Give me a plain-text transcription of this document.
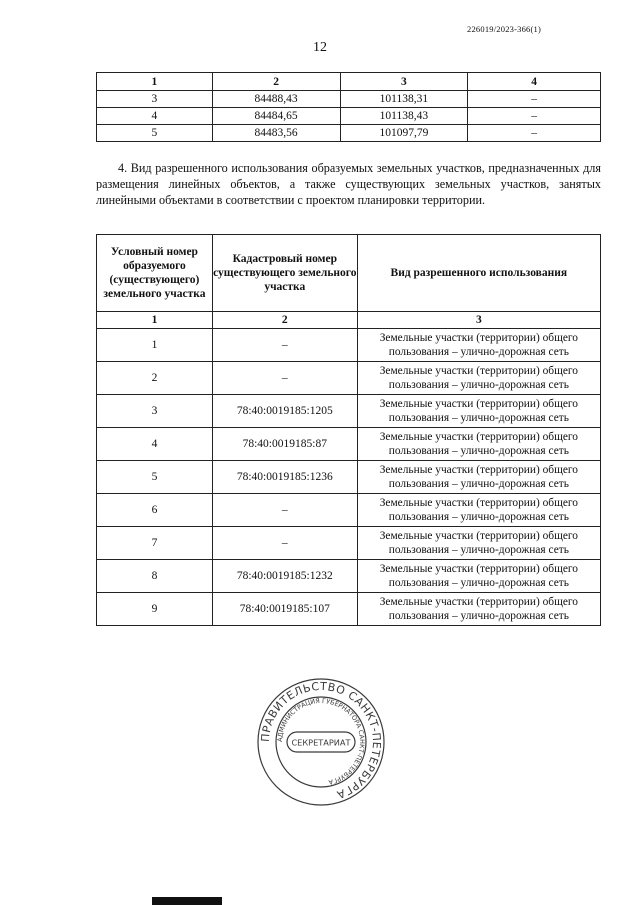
226019/2023-366(1)
12
1	2	3	4
3	84488,43	101138,31	–
4	84484,65	101138,43	–
5	84483,56	101097,79	–
4. Вид разрешенного использования образуемых земельных участков, предназначенных для размещения линейных объектов, а также существующих земельных участков, занятых линейными объектами в соответствии с проектом планировки территории.
Условный номер образуемого (существующего) земельного участка	Кадастровый номер существующего земельного участка	Вид разрешенного использования
1	2	3
1	–	Земельные участки (территории) общего пользования – улично-дорожная сеть
2	–	Земельные участки (территории) общего пользования – улично-дорожная сеть
3	78:40:0019185:1205	Земельные участки (территории) общего пользования – улично-дорожная сеть
4	78:40:0019185:87	Земельные участки (территории) общего пользования – улично-дорожная сеть
5	78:40:0019185:1236	Земельные участки (территории) общего пользования – улично-дорожная сеть
6	–	Земельные участки (территории) общего пользования – улично-дорожная сеть
7	–	Земельные участки (территории) общего пользования – улично-дорожная сеть
8	78:40:0019185:1232	Земельные участки (территории) общего пользования – улично-дорожная сеть
9	78:40:0019185:107	Земельные участки (территории) общего пользования – улично-дорожная сеть
ПРАВИТЕЛЬСТВО САНКТ-ПЕТЕРБУРГА
АДМИНИСТРАЦИЯ ГУБЕРНАТОРА САНКТ-ПЕТЕРБУРГА
СЕКРЕТАРИАТ
